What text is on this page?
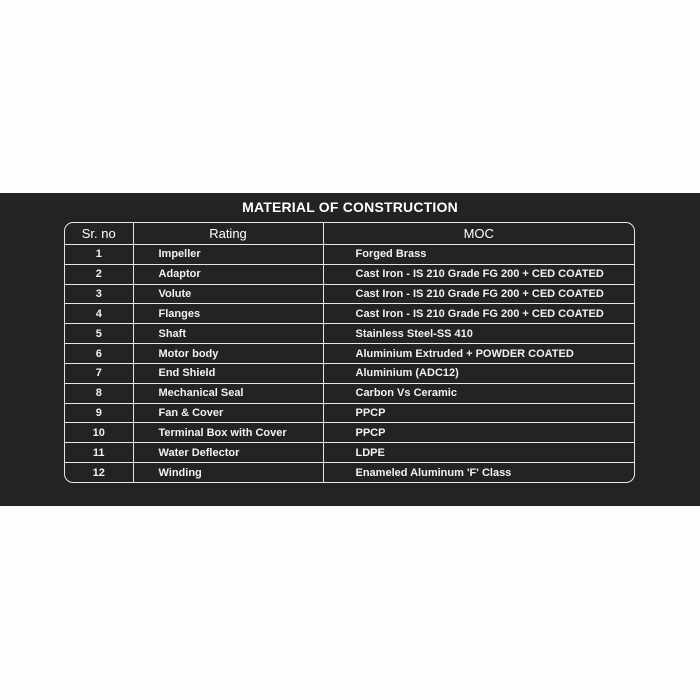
MATERIAL OF CONSTRUCTION
Sr. no	Rating	MOC
1	Impeller	Forged Brass
2	Adaptor	Cast Iron - IS 210 Grade FG 200 + CED COATED
3	Volute	Cast Iron - IS 210 Grade FG 200 + CED COATED
4	Flanges	Cast Iron - IS 210 Grade FG 200 + CED COATED
5	Shaft	Stainless Steel-SS 410
6	Motor body	Aluminium Extruded + POWDER COATED
7	End Shield	Aluminium (ADC12)
8	Mechanical Seal	Carbon Vs Ceramic
9	Fan & Cover	PPCP
10	Terminal Box with Cover	PPCP
11	Water Deflector	LDPE
12	Winding	Enameled Aluminum 'F' Class
